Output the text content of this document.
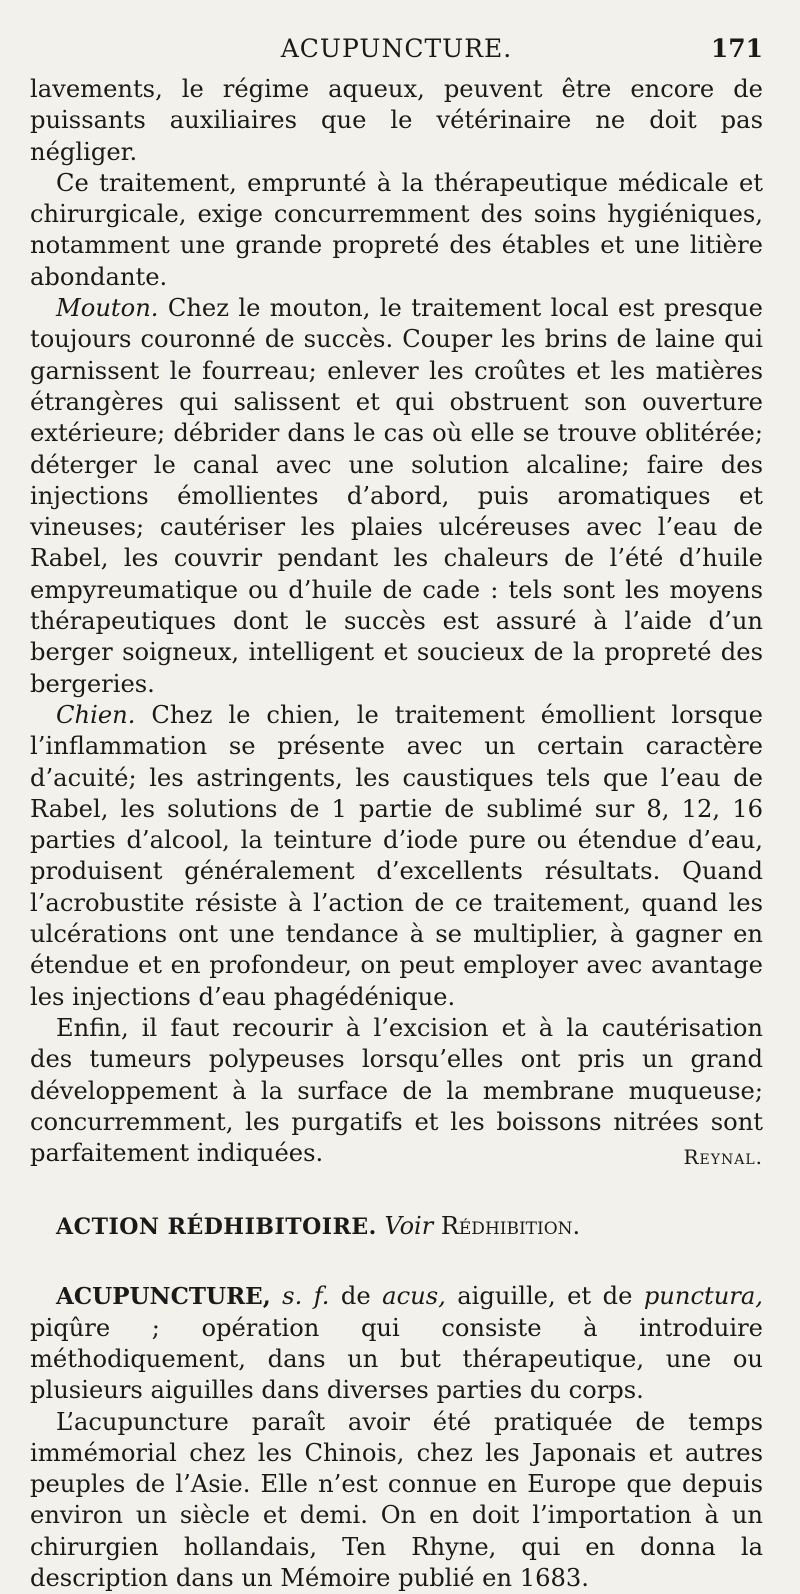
ACUPUNCTURE.	171

lavements, le régime aqueux, peuvent être encore de puissants auxiliaires que le vétérinaire ne doit pas négliger.

Ce traitement, emprunté à la thérapeutique médicale et chirurgicale, exige concurremment des soins hygiéniques, notamment une grande propreté des étables et une litière abondante.

Mouton. Chez le mouton, le traitement local est presque toujours couronné de succès. Couper les brins de laine qui garnissent le fourreau; enlever les croûtes et les matières étrangères qui salissent et qui obstruent son ouverture extérieure; débrider dans le cas où elle se trouve oblitérée; déterger le canal avec une solution alcaline; faire des injections émollientes d’abord, puis aromatiques et vineuses; cautériser les plaies ulcéreuses avec l’eau de Rabel, les couvrir pendant les chaleurs de l’été d’huile empyreumatique ou d’huile de cade : tels sont les moyens thérapeutiques dont le succès est assuré à l’aide d’un berger soigneux, intelligent et soucieux de la propreté des bergeries.

Chien. Chez le chien, le traitement émollient lorsque l’inflammation se présente avec un certain caractère d’acuité; les astringents, les caustiques tels que l’eau de Rabel, les solutions de 1 partie de sublimé sur 8, 12, 16 parties d’alcool, la teinture d’iode pure ou étendue d’eau, produisent généralement d’excellents résultats. Quand l’acrobustite résiste à l’action de ce traitement, quand les ulcérations ont une tendance à se multiplier, à gagner en étendue et en profondeur, on peut employer avec avantage les injections d’eau phagédénique.

Enfin, il faut recourir à l’excision et à la cautérisation des tumeurs polypeuses lorsqu’elles ont pris un grand développement à la surface de la membrane muqueuse; concurremment, les purgatifs et les boissons nitrées sont parfaitement indiquées.	Reynal.

ACTION RÉDHIBITOIRE. Voir Rédhibition.

ACUPUNCTURE, s. f. de acus, aiguille, et de punctura, piqûre ; opération qui consiste à introduire méthodiquement, dans un but thérapeutique, une ou plusieurs aiguilles dans diverses parties du corps.

L’acupuncture paraît avoir été pratiquée de temps immémorial chez les Chinois, chez les Japonais et autres peuples de l’Asie. Elle n’est connue en Europe que depuis environ un siècle et demi. On en doit l’importation à un chirurgien hollandais, Ten Rhyne, qui en donna la description dans un Mémoire publié en 1683.
